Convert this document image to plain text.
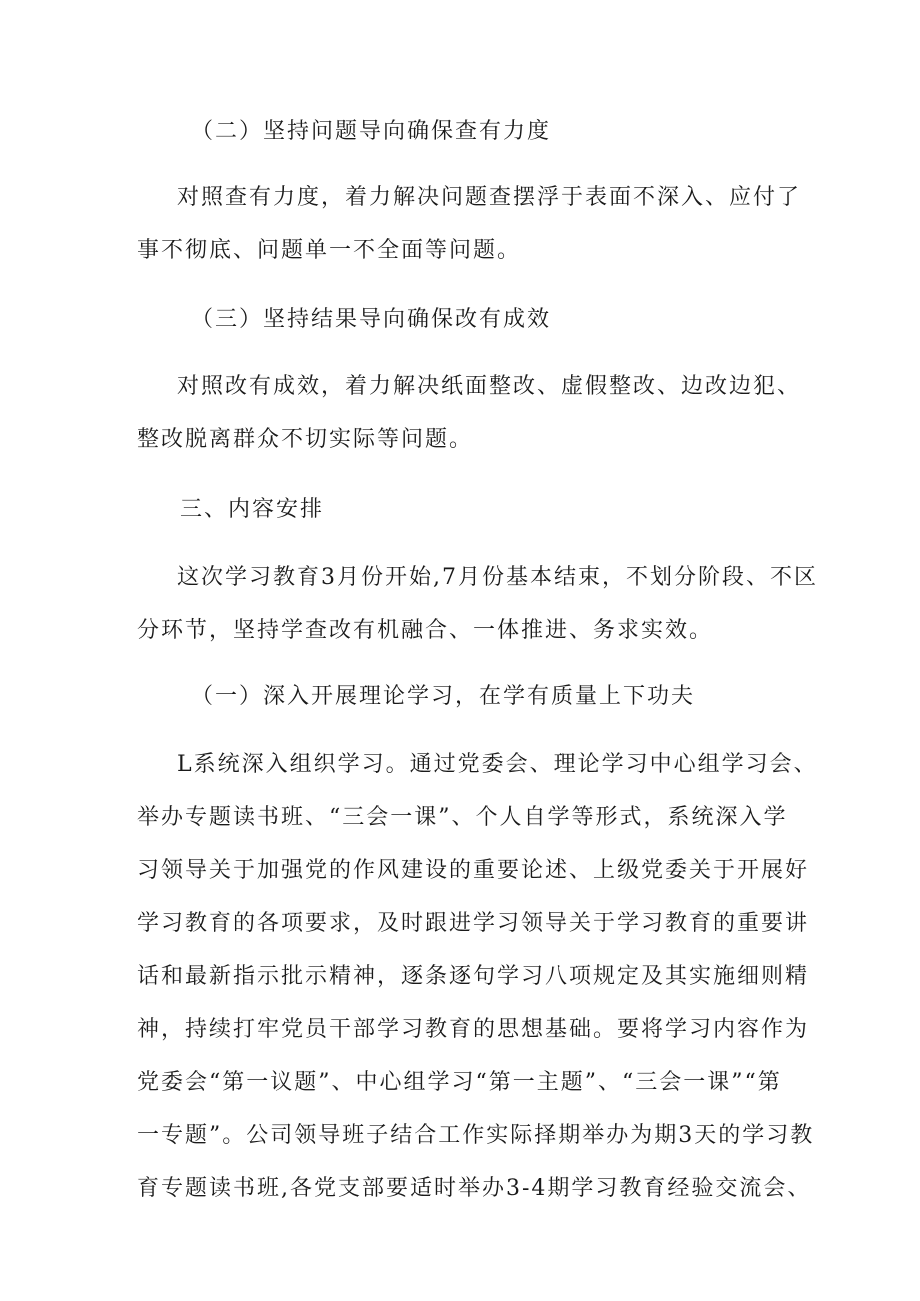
（二）坚持问题导向确保查有力度

对照查有力度，着力解决问题查摆浮于表面不深入、应付了
事不彻底、问题单一不全面等问题。

（三）坚持结果导向确保改有成效

对照改有成效，着力解决纸面整改、虚假整改、边改边犯、
整改脱离群众不切实际等问题。

三、内容安排

这次学习教育3月份开始,7月份基本结束，不划分阶段、不区
分环节，坚持学查改有机融合、一体推进、务求实效。

（一）深入开展理论学习，在学有质量上下功夫

L系统深入组织学习。通过党委会、理论学习中心组学习会、
举办专题读书班、“三会一课”、个人自学等形式，系统深入学
习领导关于加强党的作风建设的重要论述、上级党委关于开展好
学习教育的各项要求，及时跟进学习领导关于学习教育的重要讲
话和最新指示批示精神，逐条逐句学习八项规定及其实施细则精
神，持续打牢党员干部学习教育的思想基础。要将学习内容作为
党委会“第一议题”、中心组学习“第一主题”、“三会一课”“第
一专题”。公司领导班子结合工作实际择期举办为期3天的学习教
育专题读书班,各党支部要适时举办3-4期学习教育经验交流会、
